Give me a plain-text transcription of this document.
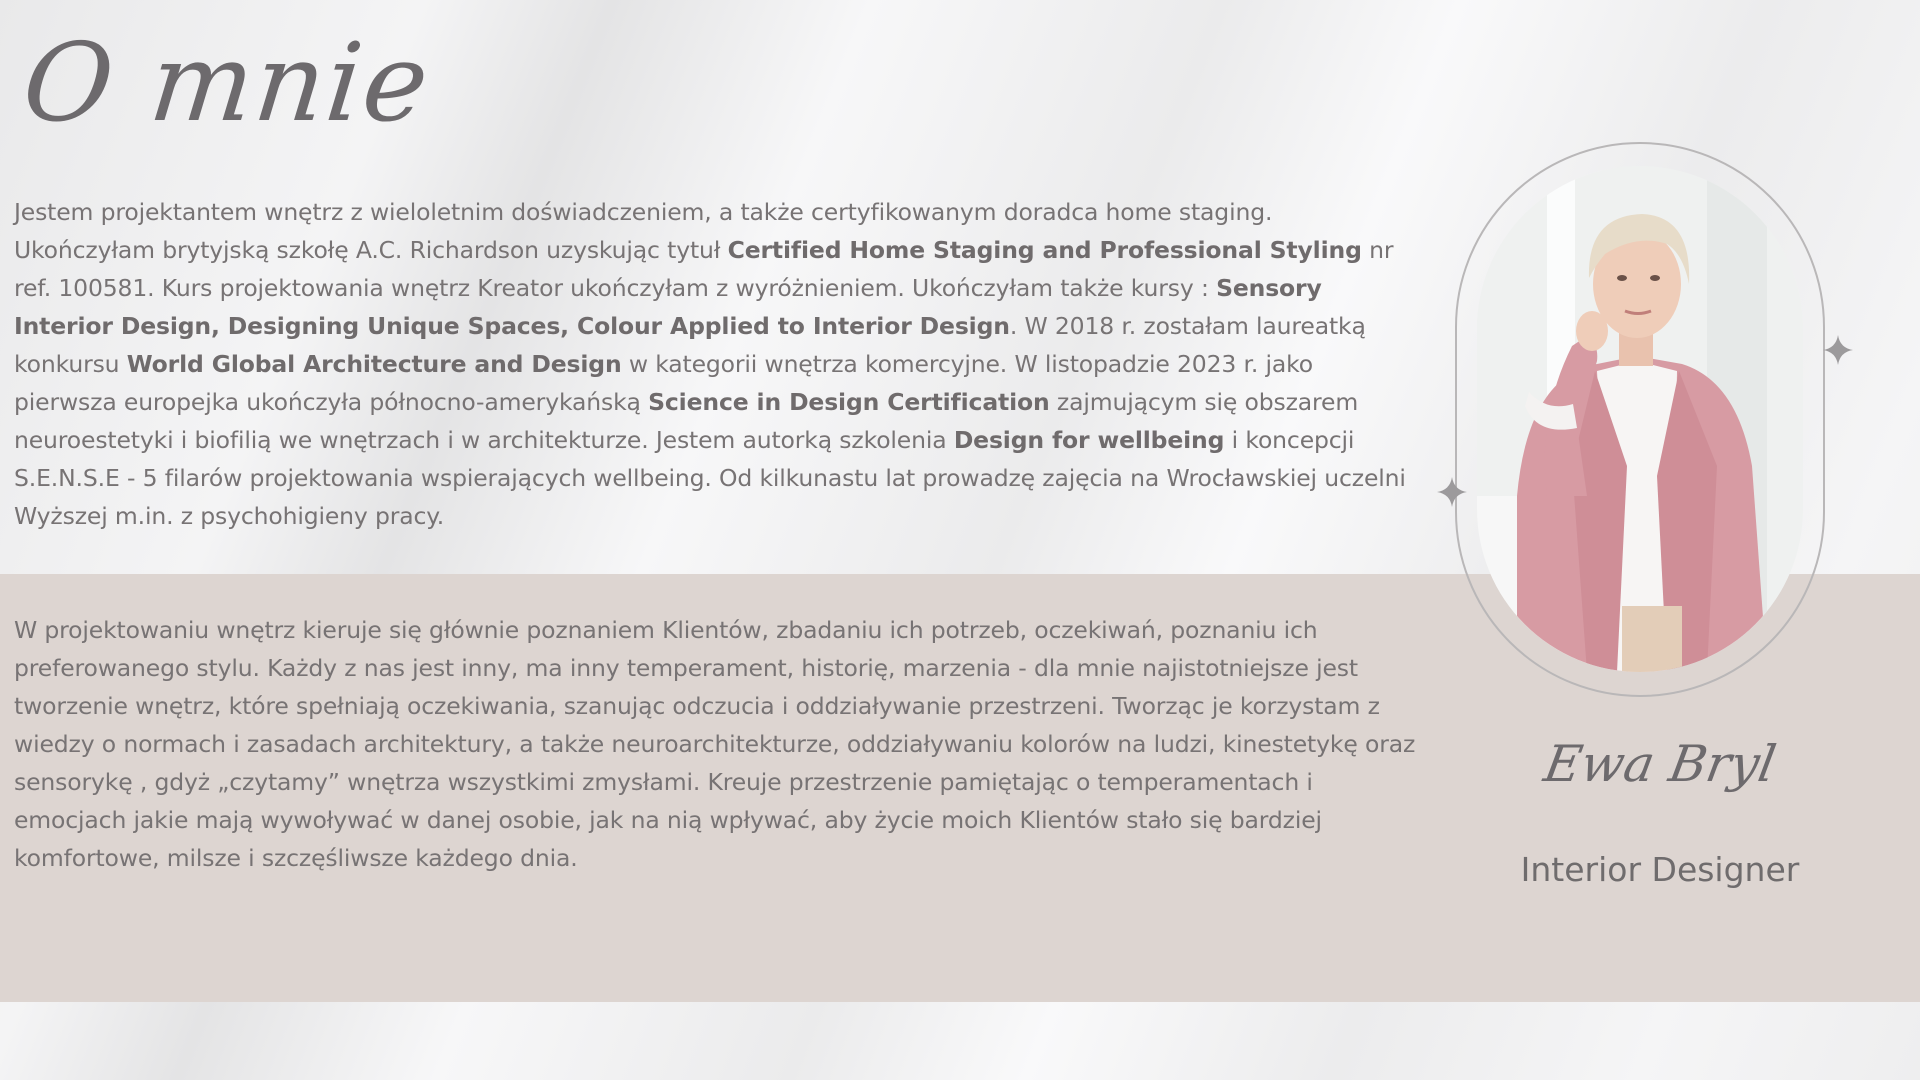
O mnie

Jestem projektantem wnętrz z wieloletnim doświadczeniem, a także certyfikowanym doradca home staging. Ukończyłam brytyjską szkołę A.C. Richardson uzyskując tytuł Certified Home Staging and Professional Styling nr ref. 100581. Kurs projektowania wnętrz Kreator ukończyłam z wyróżnieniem. Ukończyłam także kursy : Sensory Interior Design, Designing Unique Spaces, Colour Applied to Interior Design. W 2018 r. zostałam laureatką konkursu World Global Architecture and Design w kategorii wnętrza komercyjne. W listopadzie 2023 r. jako pierwsza europejka ukończyła północno-amerykańską Science in Design Certification zajmującym się obszarem neuroestetyki i biofilią we wnętrzach i w architekturze. Jestem autorką szkolenia Design for wellbeing i koncepcji S.E.N.S.E - 5 filarów projektowania wspierających wellbeing. Od kilkunastu lat prowadzę zajęcia na Wrocławskiej uczelni Wyższej m.in. z psychohigieny pracy.

W projektowaniu wnętrz kieruje się głównie poznaniem Klientów, zbadaniu ich potrzeb, oczekiwań, poznaniu ich preferowanego stylu. Każdy z nas jest inny, ma inny temperament, historię, marzenia - dla mnie najistotniejsze jest tworzenie wnętrz, które spełniają oczekiwania, szanując odczucia i oddziaływanie przestrzeni. Tworząc je korzystam z wiedzy o normach i zasadach architektury, a także neuroarchitekturze, oddziaływaniu kolorów na ludzi, kinestetykę oraz sensorykę , gdyż „czytamy” wnętrza wszystkimi zmysłami. Kreuje przestrzenie pamiętając o temperamentach i emocjach jakie mają wywoływać w danej osobie, jak na nią wpływać, aby życie moich Klientów stało się bardziej komfortowe, milsze i szczęśliwsze każdego dnia.

Ewa Bryl

Interior Designer
